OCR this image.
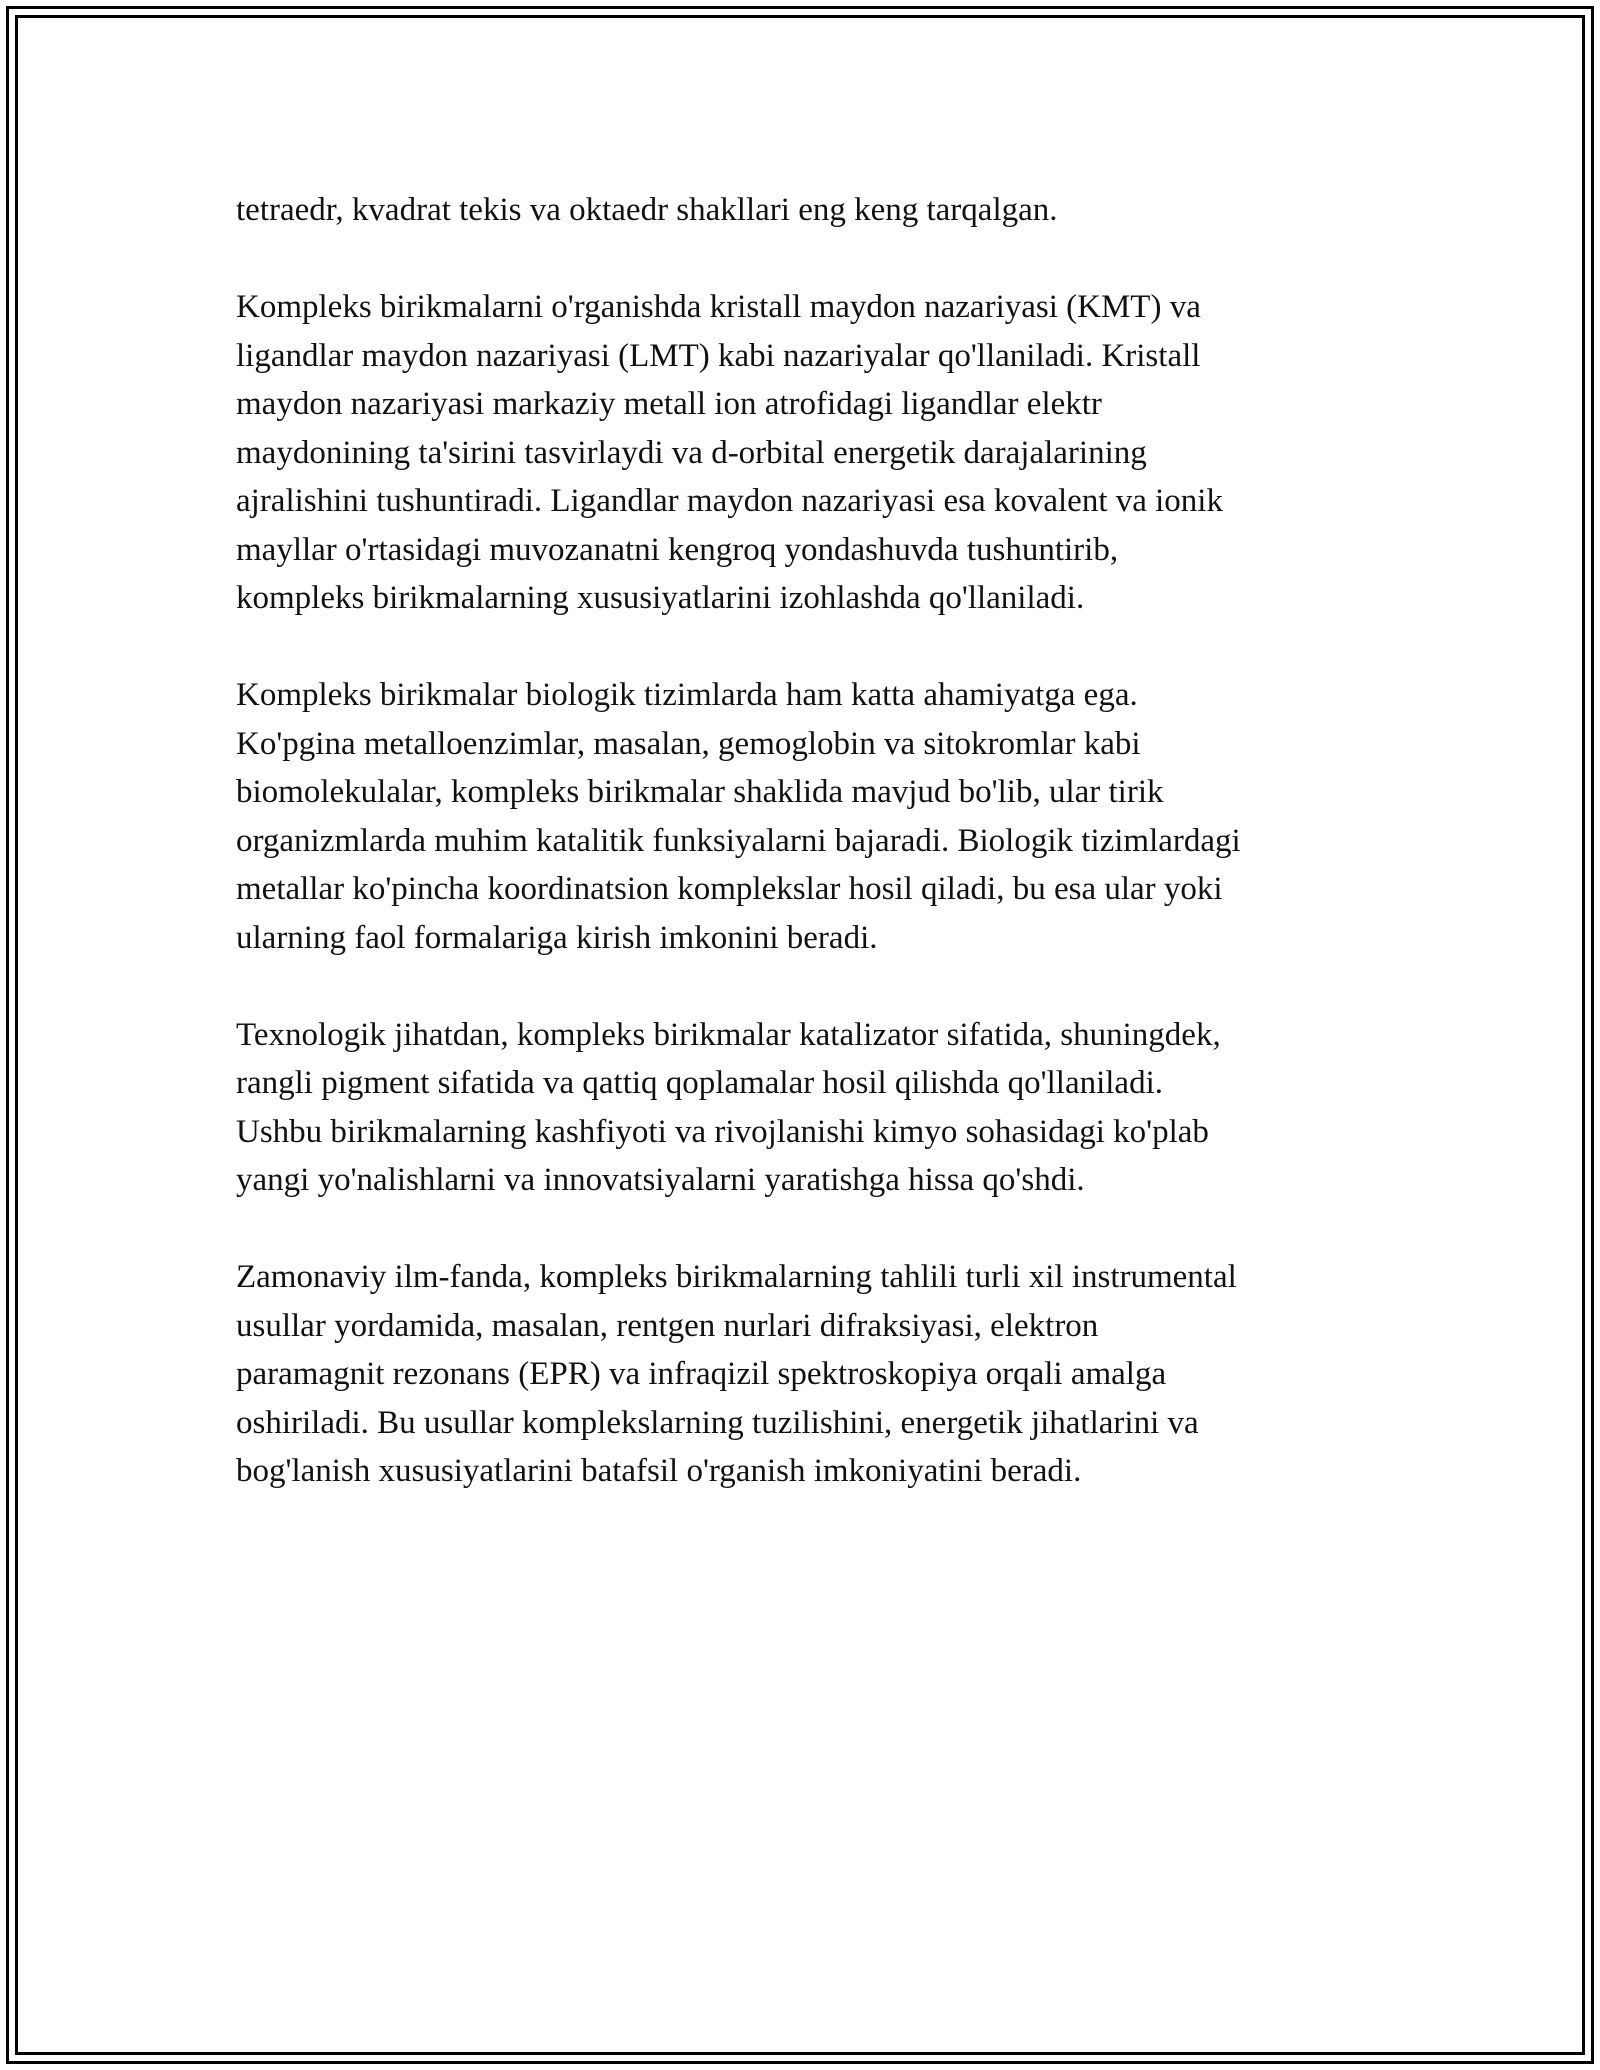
tetraedr, kvadrat tekis va oktaedr shakllari eng keng tarqalgan.

Kompleks birikmalarni o'rganishda kristall maydon nazariyasi (KMT) va
ligandlar maydon nazariyasi (LMT) kabi nazariyalar qo'llaniladi. Kristall
maydon nazariyasi markaziy metall ion atrofidagi ligandlar elektr
maydonining ta'sirini tasvirlaydi va d-orbital energetik darajalarining
ajralishini tushuntiradi. Ligandlar maydon nazariyasi esa kovalent va ionik
mayllar o'rtasidagi muvozanatni kengroq yondashuvda tushuntirib,
kompleks birikmalarning xususiyatlarini izohlashda qo'llaniladi.

Kompleks birikmalar biologik tizimlarda ham katta ahamiyatga ega.
Ko'pgina metalloenzimlar, masalan, gemoglobin va sitokromlar kabi
biomolekulalar, kompleks birikmalar shaklida mavjud bo'lib, ular tirik
organizmlarda muhim katalitik funksiyalarni bajaradi. Biologik tizimlardagi
metallar ko'pincha koordinatsion komplekslar hosil qiladi, bu esa ular yoki
ularning faol formalariga kirish imkonini beradi.

Texnologik jihatdan, kompleks birikmalar katalizator sifatida, shuningdek,
rangli pigment sifatida va qattiq qoplamalar hosil qilishda qo'llaniladi.
Ushbu birikmalarning kashfiyoti va rivojlanishi kimyo sohasidagi ko'plab
yangi yo'nalishlarni va innovatsiyalarni yaratishga hissa qo'shdi.

Zamonaviy ilm-fanda, kompleks birikmalarning tahlili turli xil instrumental
usullar yordamida, masalan, rentgen nurlari difraksiyasi, elektron
paramagnit rezonans (EPR) va infraqizil spektroskopiya orqali amalga
oshiriladi. Bu usullar komplekslarning tuzilishini, energetik jihatlarini va
bog'lanish xususiyatlarini batafsil o'rganish imkoniyatini beradi.
